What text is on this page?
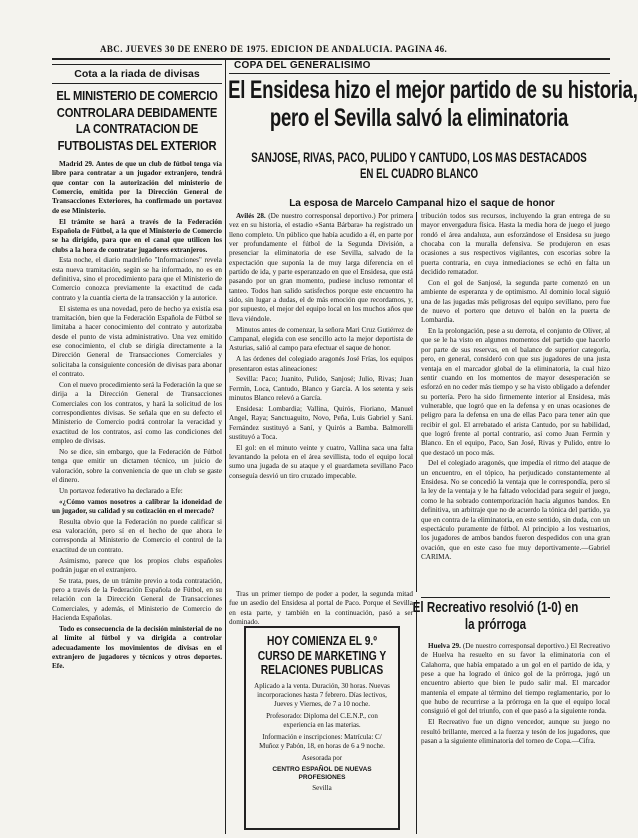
ABC. JUEVES 30 DE ENERO DE 1975. EDICION DE ANDALUCIA. PAGINA 46.
Cota a la riada de divisas
EL MINISTERIO DE COMERCIO CONTROLARA DEBIDAMENTE LA CONTRATACION DE FUTBOLISTAS DEL EXTERIOR

Madrid 29. Antes de que un club de fútbol tenga vía libre para contratar a un jugador extranjero, tendrá que contar con la autorización del ministerio de Comercio, emitida por la Dirección General de Transacciones Exteriores, ha confirmado un portavoz de ese Ministerio.

El trámite se hará a través de la Federación Española de Fútbol, a la que el Ministerio de Comercio se ha dirigido, para que en el canal que utilicen los clubs a la hora de contratar jugadores extranjeros.

Esta noche, el diario madrileño "Informaciones" revela esta nueva tramitación, según se ha informado, no es en definitiva, sino el procedimiento para que el Ministerio de Comercio conozca previamente la exactitud de cada contrato y la cuantía cierta de la transacción y la autorice.

El sistema es una novedad, pero de hecho ya existía esa tramitación, bien que la Federación Española de Fútbol se limitaba a hacer conocimiento del contrato y autorizaba desde el punto de vista administrativo. Una vez emitido ese conocimiento, el club se dirigía directamente a la Dirección General de Transacciones Comerciales y solicitaba la consiguiente concesión de divisas para abonar el contrato.

Con el nuevo procedimiento será la Federación la que se dirija a la Dirección General de Transacciones Comerciales con los contratos, y hará la solicitud de los correspondientes divisas. Se señala que en su defecto el Ministerio de Comercio podrá controlar la veracidad y exactitud de los contratos, así como las condiciones del empleo de divisas.

No se dice, sin embargo, que la Federación de Fútbol tenga que emitir un dictamen técnico, un juicio de valoración, sobre la conveniencia de que un club se gaste el dinero.

Un portavoz federativo ha declarado a Efe:

«¿Cómo vamos nosotros a calibrar la idoneidad de un jugador, su calidad y su cotización en el mercado?

Resulta obvio que la Federación no puede calificar si esa valoración, pero sí en el hecho de que ahora le corresponda al Ministerio de Comercio el control de la exactitud de un contrato.

Asimismo, parece que los propios clubs españoles podrán jugar en el extranjero.

Se trata, pues, de un trámite previo a toda contratación, pero a través de la Federación Española de Fútbol, en su relación con la Dirección General de Transacciones Comerciales, y además, el Ministerio de Comercio de Hacienda Españolas.

Todo es consecuencia de la decisión ministerial de no al límite al fútbol y va dirigida a controlar adecuadamente los movimientos de divisas en el extranjero de jugadores y técnicos y otros deportes. Efe.

COPA DEL GENERALISIMO
El Ensidesa hizo el mejor partido de su historia,
pero el Sevilla salvó la eliminatoria
SANJOSE, RIVAS, PACO, PULIDO Y CANTUDO, LOS MAS DESTACADOS
EN EL CUADRO BLANCO
La esposa de Marcelo Campanal hizo el saque de honor

Avilés 28. (De nuestro corresponsal deportivo.) Por primera vez en su historia, el estadio «Santa Bárbara» ha registrado un lleno completo. Un público que había acudido a él, en parte por ver profundamente el fútbol de la Segunda División, a presenciar la eliminatoria de ese Sevilla, salvado de la expectación que suponía la de muy larga diferencia en el partido de ida, y parte esperanzado en que el Ensidesa, que está pasando por un gran momento, pudiese incluso remontar el tanteo. Todos han salido satisfechos porque este encuentro ha sido, sin lugar a dudas, el de más emoción que recordamos, y, por supuesto, el mejor del equipo local en los muchos años que lleva viéndole.

Minutos antes de comenzar, la señora Mari Cruz Gutiérrez de Campanal, elegida con ese sencillo acto la mejor deportista de Asturias, salió al campo para efectuar el saque de honor.

A las órdenes del colegiado aragonés José Frías, los equipos presentaron estas alineaciones:

Sevilla: Paco; Juanito, Pulido, Sanjosé; Julio, Rivas; Juan Fermín, Loca, Cantudo, Blanco y García. A los setenta y seis minutos Blanco relevó a García.

Ensidesa: Lombardia; Vallina, Quirós, Fioriano, Manuel Angel, Raya; Sanctuaguito, Novo, Peña, Luis Gabriel y Saní. Fernández sustituyó a Saní, y Quirós a Bamba. Balmorelli sustituyó a Toca.

El gol: en el minuto veinte y cuatro, Vallina saca una falta levantando la pelota en el área sevillista, todo el equipo local sumo una jugada de su ataque y el guardameta sevillano Paco conseguía desvió un tiro cruzado impecable.

Tras un primer tiempo de poder a poder, la segunda mitad fue un asedio del Ensidesa al portal de Paco. Porque el Sevilla en esta parte, y también en la continuación, pasó a ser dominado.

tribución todos sus recursos, incluyendo la gran entrega de su mayor envergadura física. Hasta la media hora de juego el juego rondó el área andaluza, aun esforzándose el Ensidesa su juego chocaba con la muralla defensiva. Se produjeron en esas ocasiones a sus respectivos vigilantes, con escorias sobre la puerta contraria, en cuya inmediaciones se echó en falta un decidido rematador.

Con el gol de Sanjosé, la segunda parte comenzó en un ambiente de esperanza y de optimismo. Al dominio local siguió una de las jugadas más peligrosas del equipo sevillano, pero fue de nuevo el portero que detuvo el balón en la puerta de Lombardia.

En la prolongación, pese a su derrota, el conjunto de Oliver, al que se le ha visto en algunos momentos del partido que hacerlo por parte de sus reservas, en el balance de superior categoría, pero, en general, consideró con que sus jugadores de una justa ventaja en el marcador global de la eliminatoria, la cual hizo sentir cuando en los momentos de mayor desesperación se esforzó en no ceder más tiempo y se ha visto obligado a defender su portería. Pero ha sido firmemente interior al Ensidesa, más vulnerable, que logró que en la defensa y en unas ocasiones de peligro para la defensa en una de ellas Paco para tener aún que recibir el gol. El arrebatado el arista Cantudo, por su habilidad, que logró frente al portal contrario, así como Juan Fermín y Blanco. En el equipo, Paco, San José, Rivas y Pulido, entre lo que destacó un poco más.

Del el colegiado aragonés, que impedía el ritmo del ataque de un encuentro, en el tópico, ha perjudicado constantemente al Ensidesa. No se concedió la ventaja que le correspondía, pero sí la ley de la ventaja y le ha faltado velocidad para seguir el juego, como le ha sobrado contemporización hacia algunos bandos. En definitiva, un arbitraje que no de acuerdo la tónica del partido, ya que en contra de la eliminatoria, en este sentido, sin duda, con un espectáculo puramente de fútbol. Al principio a los vestuarios, los jugadores de ambos bandos fueron despedidos con una gran ovación, que en este caso fue muy deportivamente.—Gabriel CARIMA.

HOY COMIENZA EL 9.º CURSO DE MARKETING Y RELACIONES PUBLICAS
Aplicado a la venta. Duración, 30 horas. Nuevas incorporaciones hasta 7 febrero. Días lectivos, Jueves y Viernes, de 7 a 10 noche.
Profesorado: Diploma del C.E.N.P., con experiencia en las materias.
Información e inscripciones: Matrícula: C/ Muñoz y Pabón, 18, en horas de 6 a 9 noche.
Asesorada por
CENTRO ESPAÑOL DE NUEVAS PROFESIONES
Sevilla
El Recreativo resolvió (1-0) en
la prórroga

Huelva 29. (De nuestro corresponsal deportivo.) El Recreativo de Huelva ha resuelto en su favor la eliminatoria con el Calahorra, que había empatado a un gol en el partido de ida, y pese a que ha logrado el único gol de la prórroga, jugó un encuentro abierto que bien le pudo salir mal. El marcador mantenía el empate al término del tiempo reglamentario, por lo que hubo de recurrirse a la prórroga en la que el equipo local consiguió el gol del triunfo, con el que pasó a la siguiente ronda.

El Recreativo fue un digno vencedor, aunque su juego no resultó brillante, merced a la fuerza y tesón de los jugadores, que pasan a la siguiente eliminatoria del torneo de Copa.—Cifra.
